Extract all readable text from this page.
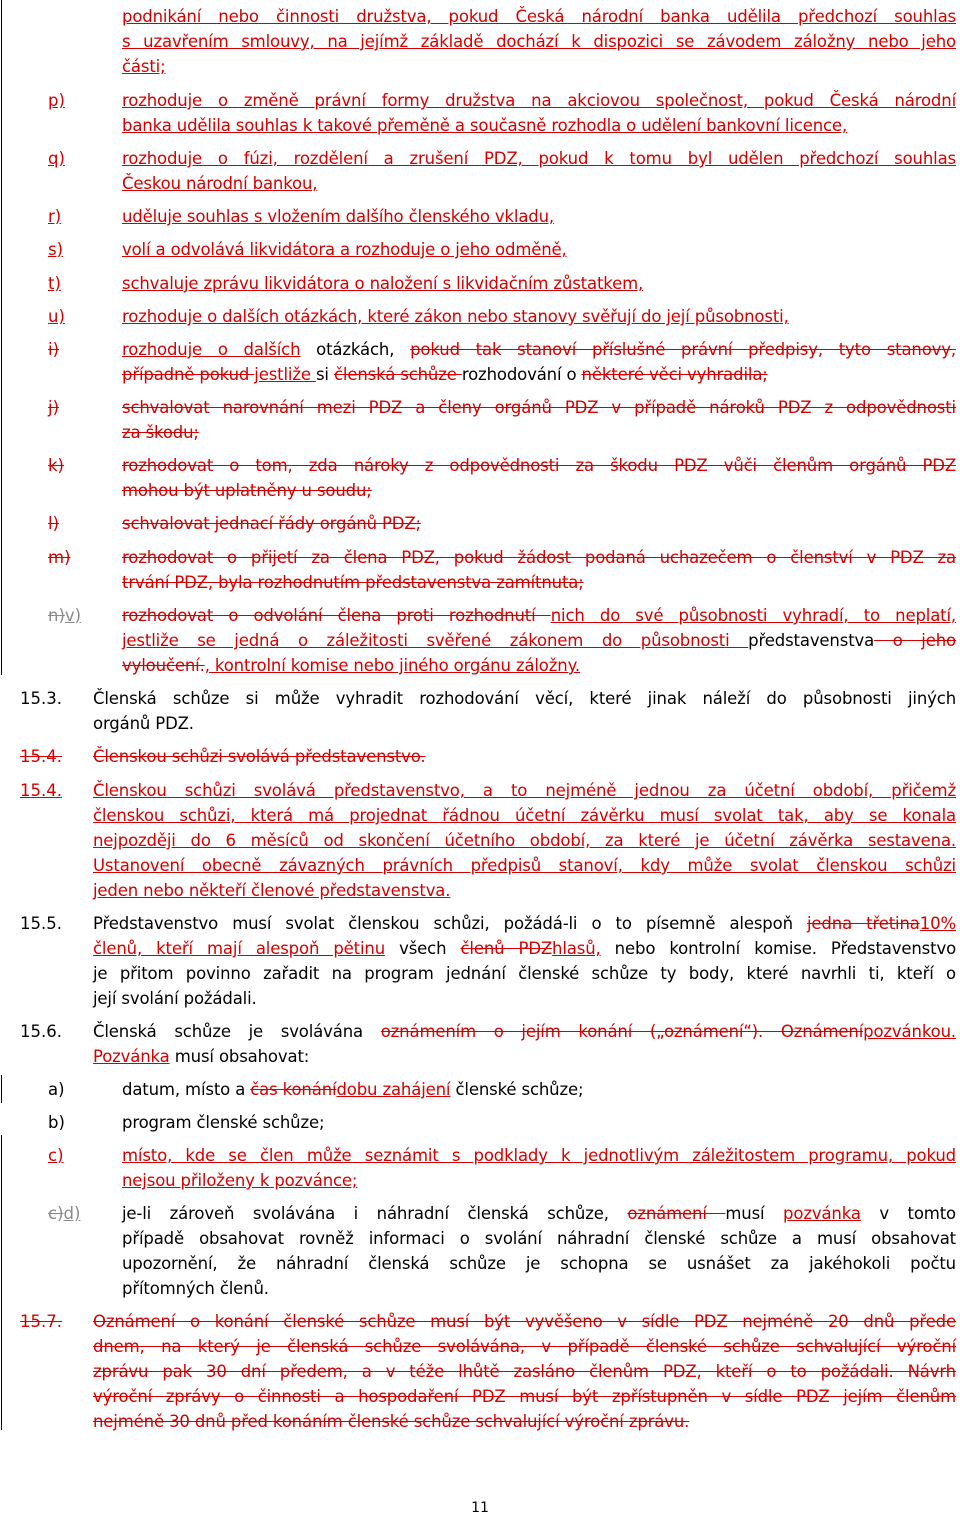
podnikání nebo činnosti družstva, pokud Česká národní banka udělila předchozí souhlas
s uzavřením smlouvy, na jejímž základě dochází k dispozici se závodem záložny nebo jeho
části;
p)	rozhoduje o změně právní formy družstva na akciovou společnost, pokud Česká národní
banka udělila souhlas k takové přeměně a současně rozhodla o udělení bankovní licence,
q)	rozhoduje o fúzi, rozdělení a zrušení PDZ, pokud k tomu byl udělen předchozí souhlas
Českou národní bankou,
r)	uděluje souhlas s vložením dalšího členského vkladu,
s)	volí a odvolává likvidátora a rozhoduje o jeho odměně,
t)	schvaluje zprávu likvidátora o naložení s likvidačním zůstatkem,
u)	rozhoduje o dalších otázkách, které zákon nebo stanovy svěřují do její působnosti,
i)	rozhoduje o dalších otázkách, pokud tak stanoví příslušné právní předpisy, tyto stanovy,
případně pokud jestliže si členská schůze rozhodování o některé věci vyhradila;
j)	schvalovat narovnání mezi PDZ a členy orgánů PDZ v případě nároků PDZ z odpovědnosti
za škodu;
k)	rozhodovat o tom, zda nároky z odpovědnosti za škodu PDZ vůči členům orgánů PDZ
mohou být uplatněny u soudu;
l)	schvalovat jednací řády orgánů PDZ;
m)	rozhodovat o přijetí za člena PDZ, pokud žádost podaná uchazečem o členství v PDZ za
trvání PDZ, byla rozhodnutím představenstva zamítnuta;
n)v) rozhodovat o odvolání člena proti rozhodnutí nich do své působnosti vyhradí, to neplatí,
jestliže se jedná o záležitosti svěřené zákonem do působnosti představenstva o jeho
vyloučení., kontrolní komise nebo jiného orgánu záložny.
15.3. Členská schůze si může vyhradit rozhodování věcí, které jinak náleží do působnosti jiných
orgánů PDZ.
15.4. Členskou schůzi svolává představenstvo.
15.4. Členskou schůzi svolává představenstvo, a to nejméně jednou za účetní období, přičemž
členskou schůzi, která má projednat řádnou účetní závěrku musí svolat tak, aby se konala
nejpozději do 6 měsíců od skončení účetního období, za které je účetní závěrka sestavena.
Ustanovení obecně závazných právních předpisů stanoví, kdy může svolat členskou schůzi
jeden nebo někteří členové představenstva.
15.5. Představenstvo musí svolat členskou schůzi, požádá-li o to písemně alespoň jedna třetina10%
členů, kteří mají alespoň pětinu všech členů PDZhlasů, nebo kontrolní komise. Představenstvo
je přitom povinno zařadit na program jednání členské schůze ty body, které navrhli ti, kteří o
její svolání požádali.
15.6. Členská schůze je svolávána oznámením o jejím konání („oznámení“). Oznámenípozvánkou.
Pozvánka musí obsahovat:
a)	datum, místo a čas konánídobu zahájení členské schůze;
b)	program členské schůze;
c)	místo, kde se člen může seznámit s podklady k jednotlivým záležitostem programu, pokud
nejsou přiloženy k pozvánce;
c)d)	je-li zároveň svolávána i náhradní členská schůze, oznámení musí pozvánka v tomto
případě obsahovat rovněž informaci o svolání náhradní členské schůze a musí obsahovat
upozornění, že náhradní členská schůze je schopna se usnášet za jakéhokoli počtu
přítomných členů.
15.7. Oznámení o konání členské schůze musí být vyvěšeno v sídle PDZ nejméně 20 dnů přede
dnem, na který je členská schůze svolávána, v případě členské schůze schvalující výroční
zprávu pak 30 dní předem, a v téže lhůtě zasláno členům PDZ, kteří o to požádali. Návrh
výroční zprávy o činnosti a hospodaření PDZ musí být zpřístupněn v sídle PDZ jejím členům
nejméně 30 dnů před konáním členské schůze schvalující výroční zprávu.
11
